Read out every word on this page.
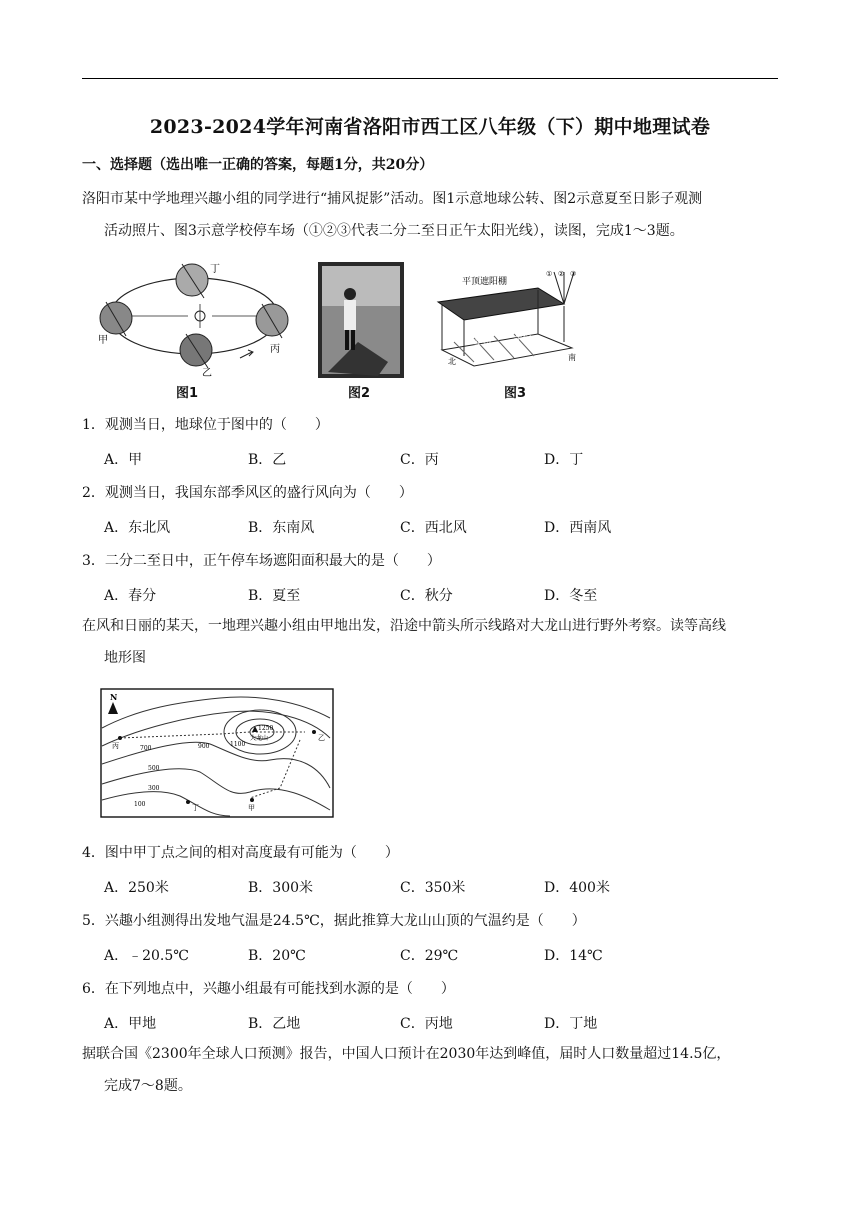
2023-2024学年河南省洛阳市西工区八年级（下）期中地理试卷
一、选择题（选出唯一正确的答案，每题1分，共20分）
洛阳市某中学地理兴趣小组的同学进行“捕风捉影”活动。图1示意地球公转、图2示意夏至日影子观测
活动照片、图3示意学校停车场（①②③代表二分二至日正午太阳光线），读图，完成1～3题。
甲
丁
丙
乙
图1	图2
平顶遮阳棚
车位
车位
北	南
① ② ③
图3
1．观测当日，地球位于图中的（　　）
A．甲	B．乙	C．丙	D．丁
2．观测当日，我国东部季风区的盛行风向为（　　）
A．东北风	B．东南风	C．西北风	D．西南风
3．二分二至日中，正午停车场遮阳面积最大的是（　　）
A．春分	B．夏至	C．秋分	D．冬至
在风和日丽的某天，一地理兴趣小组由甲地出发，沿途中箭头所示线路对大龙山进行野外考察。读等高线
地形图
N
丙
乙
甲
丁
700	900
1250
大龙山
1100
500
300
100
4．图中甲丁点之间的相对高度最有可能为（　　）
A．250米	B．300米	C．350米	D．400米
5．兴趣小组测得出发地气温是24.5℃，据此推算大龙山山顶的气温约是（　　）
A．﹣20.5℃	B．20℃	C．29℃	D．14℃
6．在下列地点中，兴趣小组最有可能找到水源的是（　　）
A．甲地	B．乙地	C．丙地	D．丁地
据联合国《2300年全球人口预测》报告，中国人口预计在2030年达到峰值，届时人口数量超过14.5亿，
完成7～8题。
